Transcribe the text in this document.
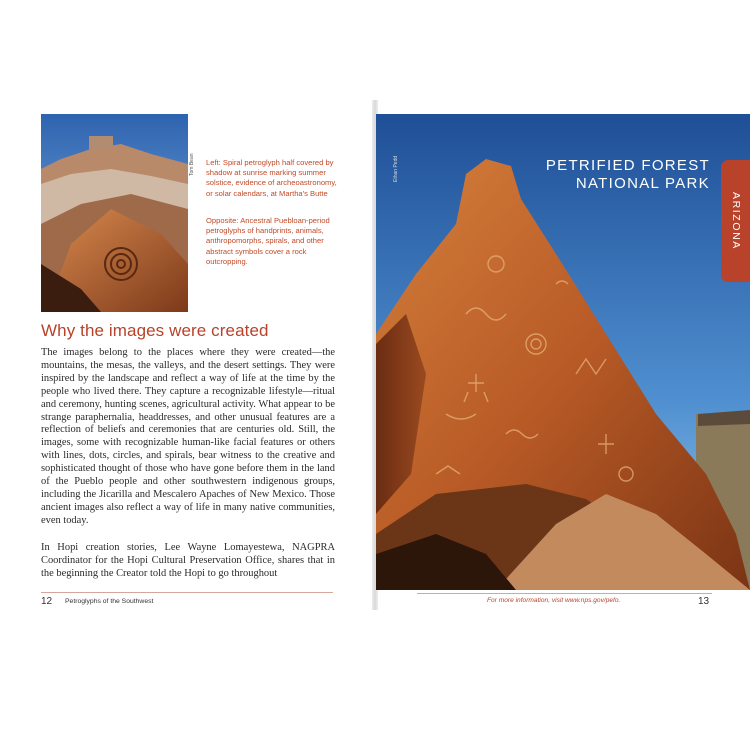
Tom Bean	Left: Spiral petroglyph half covered by shadow at sunrise marking summer solstice, evidence of archeoastronomy, or solar calendars, at Martha's Butte

Opposite: Ancestral Puebloan-period petroglyphs of handprints, animals, anthropomorphs, spirals, and other abstract symbols cover a rock outcropping.

Why the images were created

The images belong to the places where they were created—the mountains, the mesas, the valleys, and the desert settings. They were inspired by the landscape and reflect a way of life at the time by the people who lived there. They capture a recognizable lifestyle—ritual and ceremony, hunting scenes, agricultural activity. What appear to be strange paraphernalia, headdresses, and other unusual features are a reflection of beliefs and ceremonies that are centuries old. Still, the images, some with recognizable human-like facial features or others with lines, dots, circles, and spirals, bear witness to the creative and sophisticated thought of those who have gone before them in the land of the Pueblo people and other southwestern indigenous groups, including the Jicarilla and Mescalero Apaches of New Mexico. Those ancient images also reflect a way of life in many native communities, even today.

In Hopi creation stories, Lee Wayne Lomayestewa, NAGPRA Coordinator for the Hopi Cultural Preservation Office, shares that in the beginning the Creator told the Hopi to go throughout

12 Petroglyphs of the Southwest
Ethan Pedd	PETRIFIED FOREST
NATIONAL PARK
ARIZONA
For more information, visit www.nps.gov/pefo.	13
